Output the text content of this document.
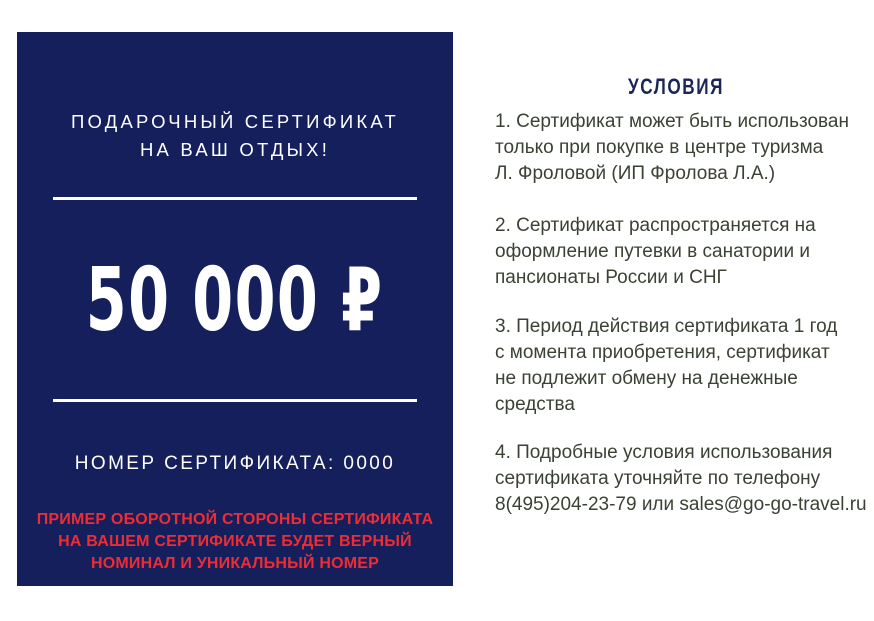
ПОДАРОЧНЫЙ СЕРТИФИКАТ
НА ВАШ ОТДЫХ!
50 000 ₽
НОМЕР СЕРТИФИКАТА: 0000
ПРИМЕР ОБОРОТНОЙ СТОРОНЫ СЕРТИФИКАТА
НА ВАШЕМ СЕРТИФИКАТЕ БУДЕТ ВЕРНЫЙ
НОМИНАЛ И УНИКАЛЬНЫЙ НОМЕР
УСЛОВИЯ

1. Сертификат может быть использован
только при покупке в центре туризма
Л. Фроловой (ИП Фролова Л.А.)

2. Сертификат распространяется на
оформление путевки в санатории и
пансионаты России и СНГ

3. Период действия сертификата 1 год
с момента приобретения, сертификат
не подлежит обмену на денежные
средства

4. Подробные условия использования
сертификата уточняйте по телефону
8(495)204-23-79 или sales@go-go-travel.ru
